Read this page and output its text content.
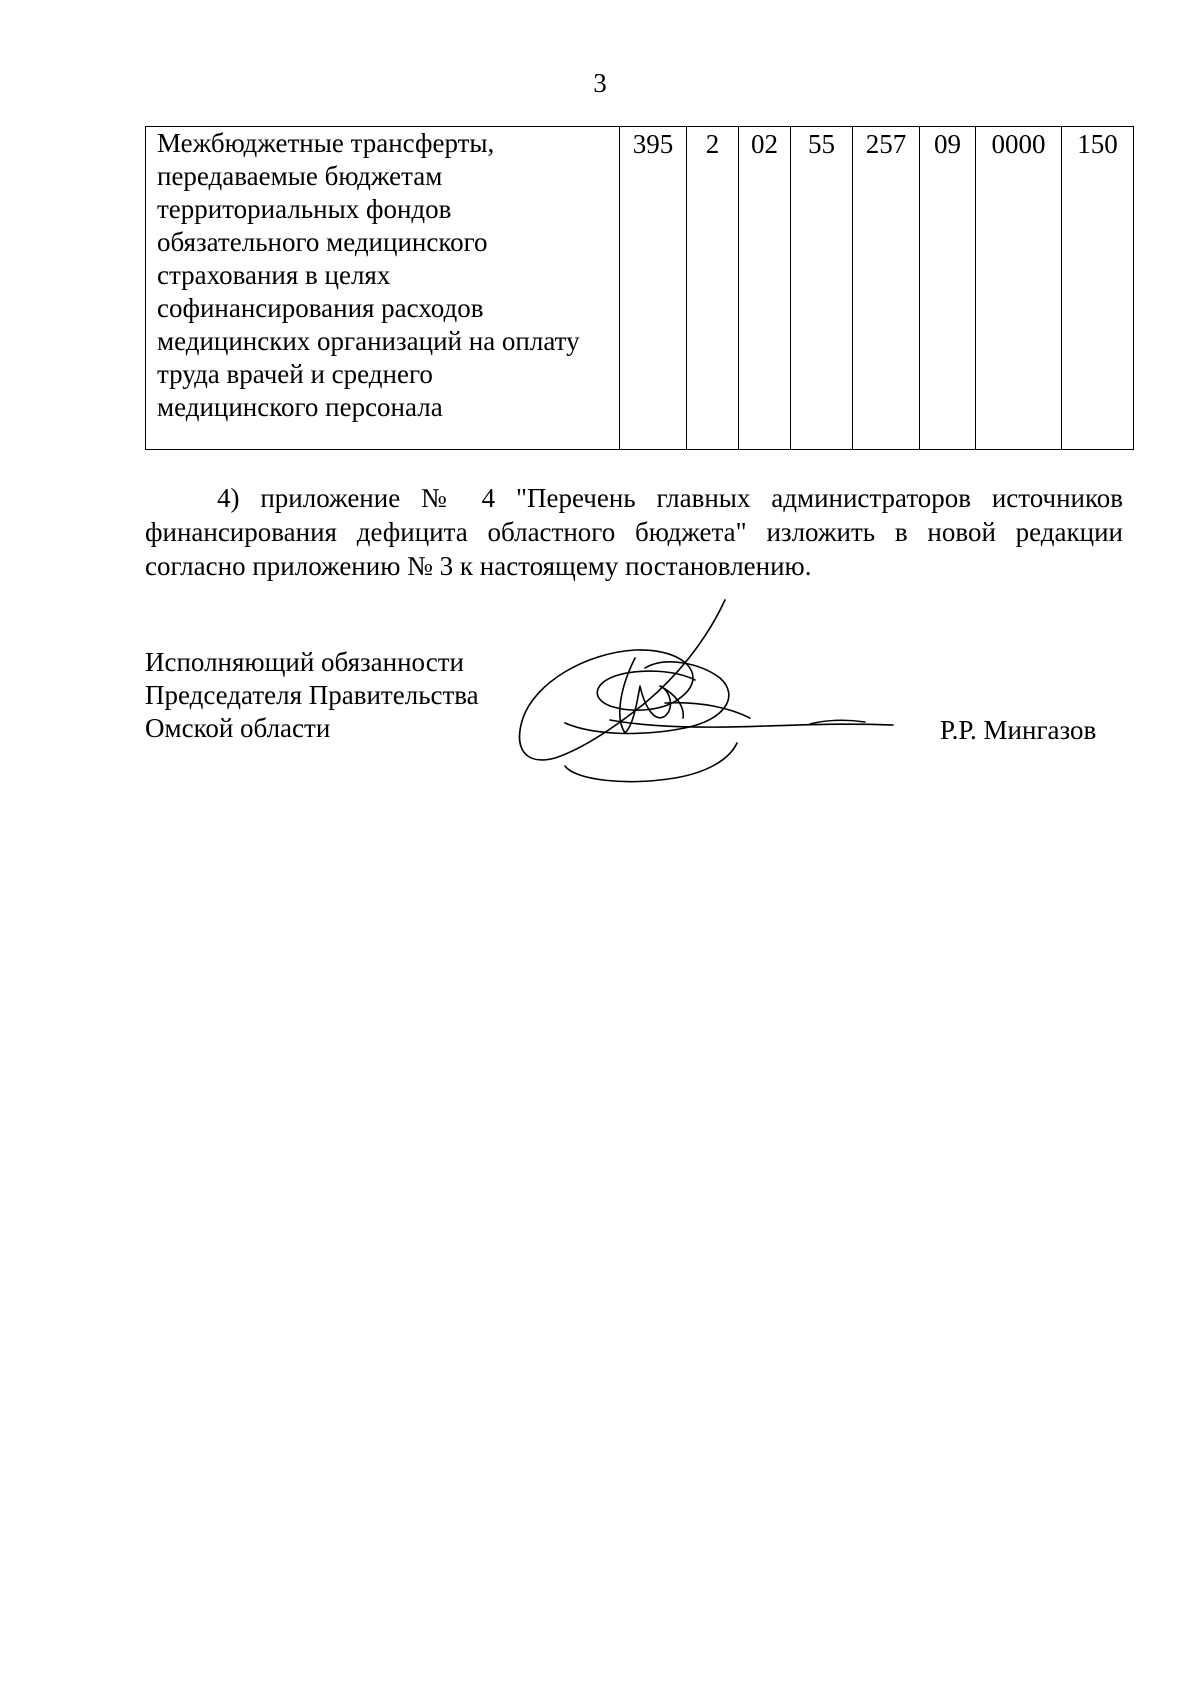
3
Межбюджетные трансферты,
передаваемые бюджетам
территориальных фондов
обязательного медицинского
страхования в целях
софинансирования расходов
медицинских организаций на оплату
труда врачей и среднего
медицинского персонала
	395	2	02	55	257	09	0000	150

4) приложение № 4 "Перечень главных администраторов источников финансирования дефицита областного бюджета" изложить в новой редакции согласно приложению № 3 к настоящему постановлению.

Исполняющий обязанности
Председателя Правительства
Омской области	Р.Р. Мингазов
